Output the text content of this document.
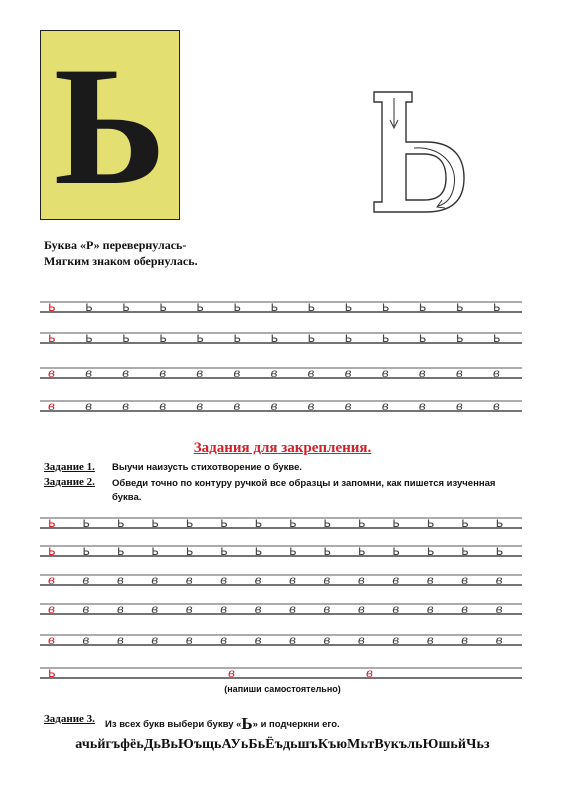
Ь
Буква «Р» перевернулась-
Мягким знаком обернулась.
ь ь ь ь ь ь ь ь ь ь ь ь ь
ь ь ь ь ь ь ь ь ь ь ь ь ь
в	в	в	в	в	в	в	в	в	в	в	в	в
в	в	в	в	в	в	в	в	в	в	в	в	в
ь ь ь ь ь ь ь ь ь ь ь ь ь ь
ь ь ь ь ь ь ь ь ь ь ь ь ь ь
в в в в в в в в в в в в в в
в в в в в в в в в в в в в в
в в в в в в в в в в в в в в
ь	в	в
Задания для закрепления.
Задание 1. Выучи наизусть стихотворение о букве.
Задание 2. Обведи точно по контуру ручкой все образцы и запомни, как пишется изученная буква.
(напиши самостоятельно)
Задание 3. Из всех букв выбери букву «Ь» и подчеркни его.
ачьйгъфёьДьВьЮъщьАУьБьЁъдьшъКъюМьтВукъльЮшьйЧьз
